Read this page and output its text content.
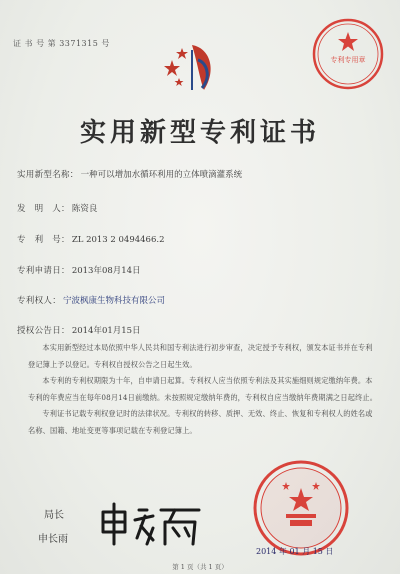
证 书 号 第 3371315 号
实用新型专利证书
实用新型名称： 一种可以增加水循环利用的立体喷滴灌系统
发　明　人： 陈资良
专　利　号： ZL 2013 2 0494466.2
专利申请日： 2013年08月14日
专利权人： 宁波枫康生物科技有限公司
授权公告日： 2014年01月15日

本实用新型经过本局依照中华人民共和国专利法进行初步审查，决定授予专利权，颁发本证书并在专利登记簿上予以登记。专利权自授权公告之日起生效。

本专利的专利权期限为十年，自申请日起算。专利权人应当依照专利法及其实施细则规定缴纳年费。本专利的年费应当在每年08月14日前缴纳。未按照规定缴纳年费的，专利权自应当缴纳年费期满之日起终止。

专利证书记载专利权登记时的法律状况。专利权的转移、质押、无效、终止、恢复和专利权人的姓名或名称、国籍、地址变更等事项记载在专利登记簿上。

局长
申长雨
专利专用章
2014 年 01 月 15 日
第 1 页（共 1 页）
